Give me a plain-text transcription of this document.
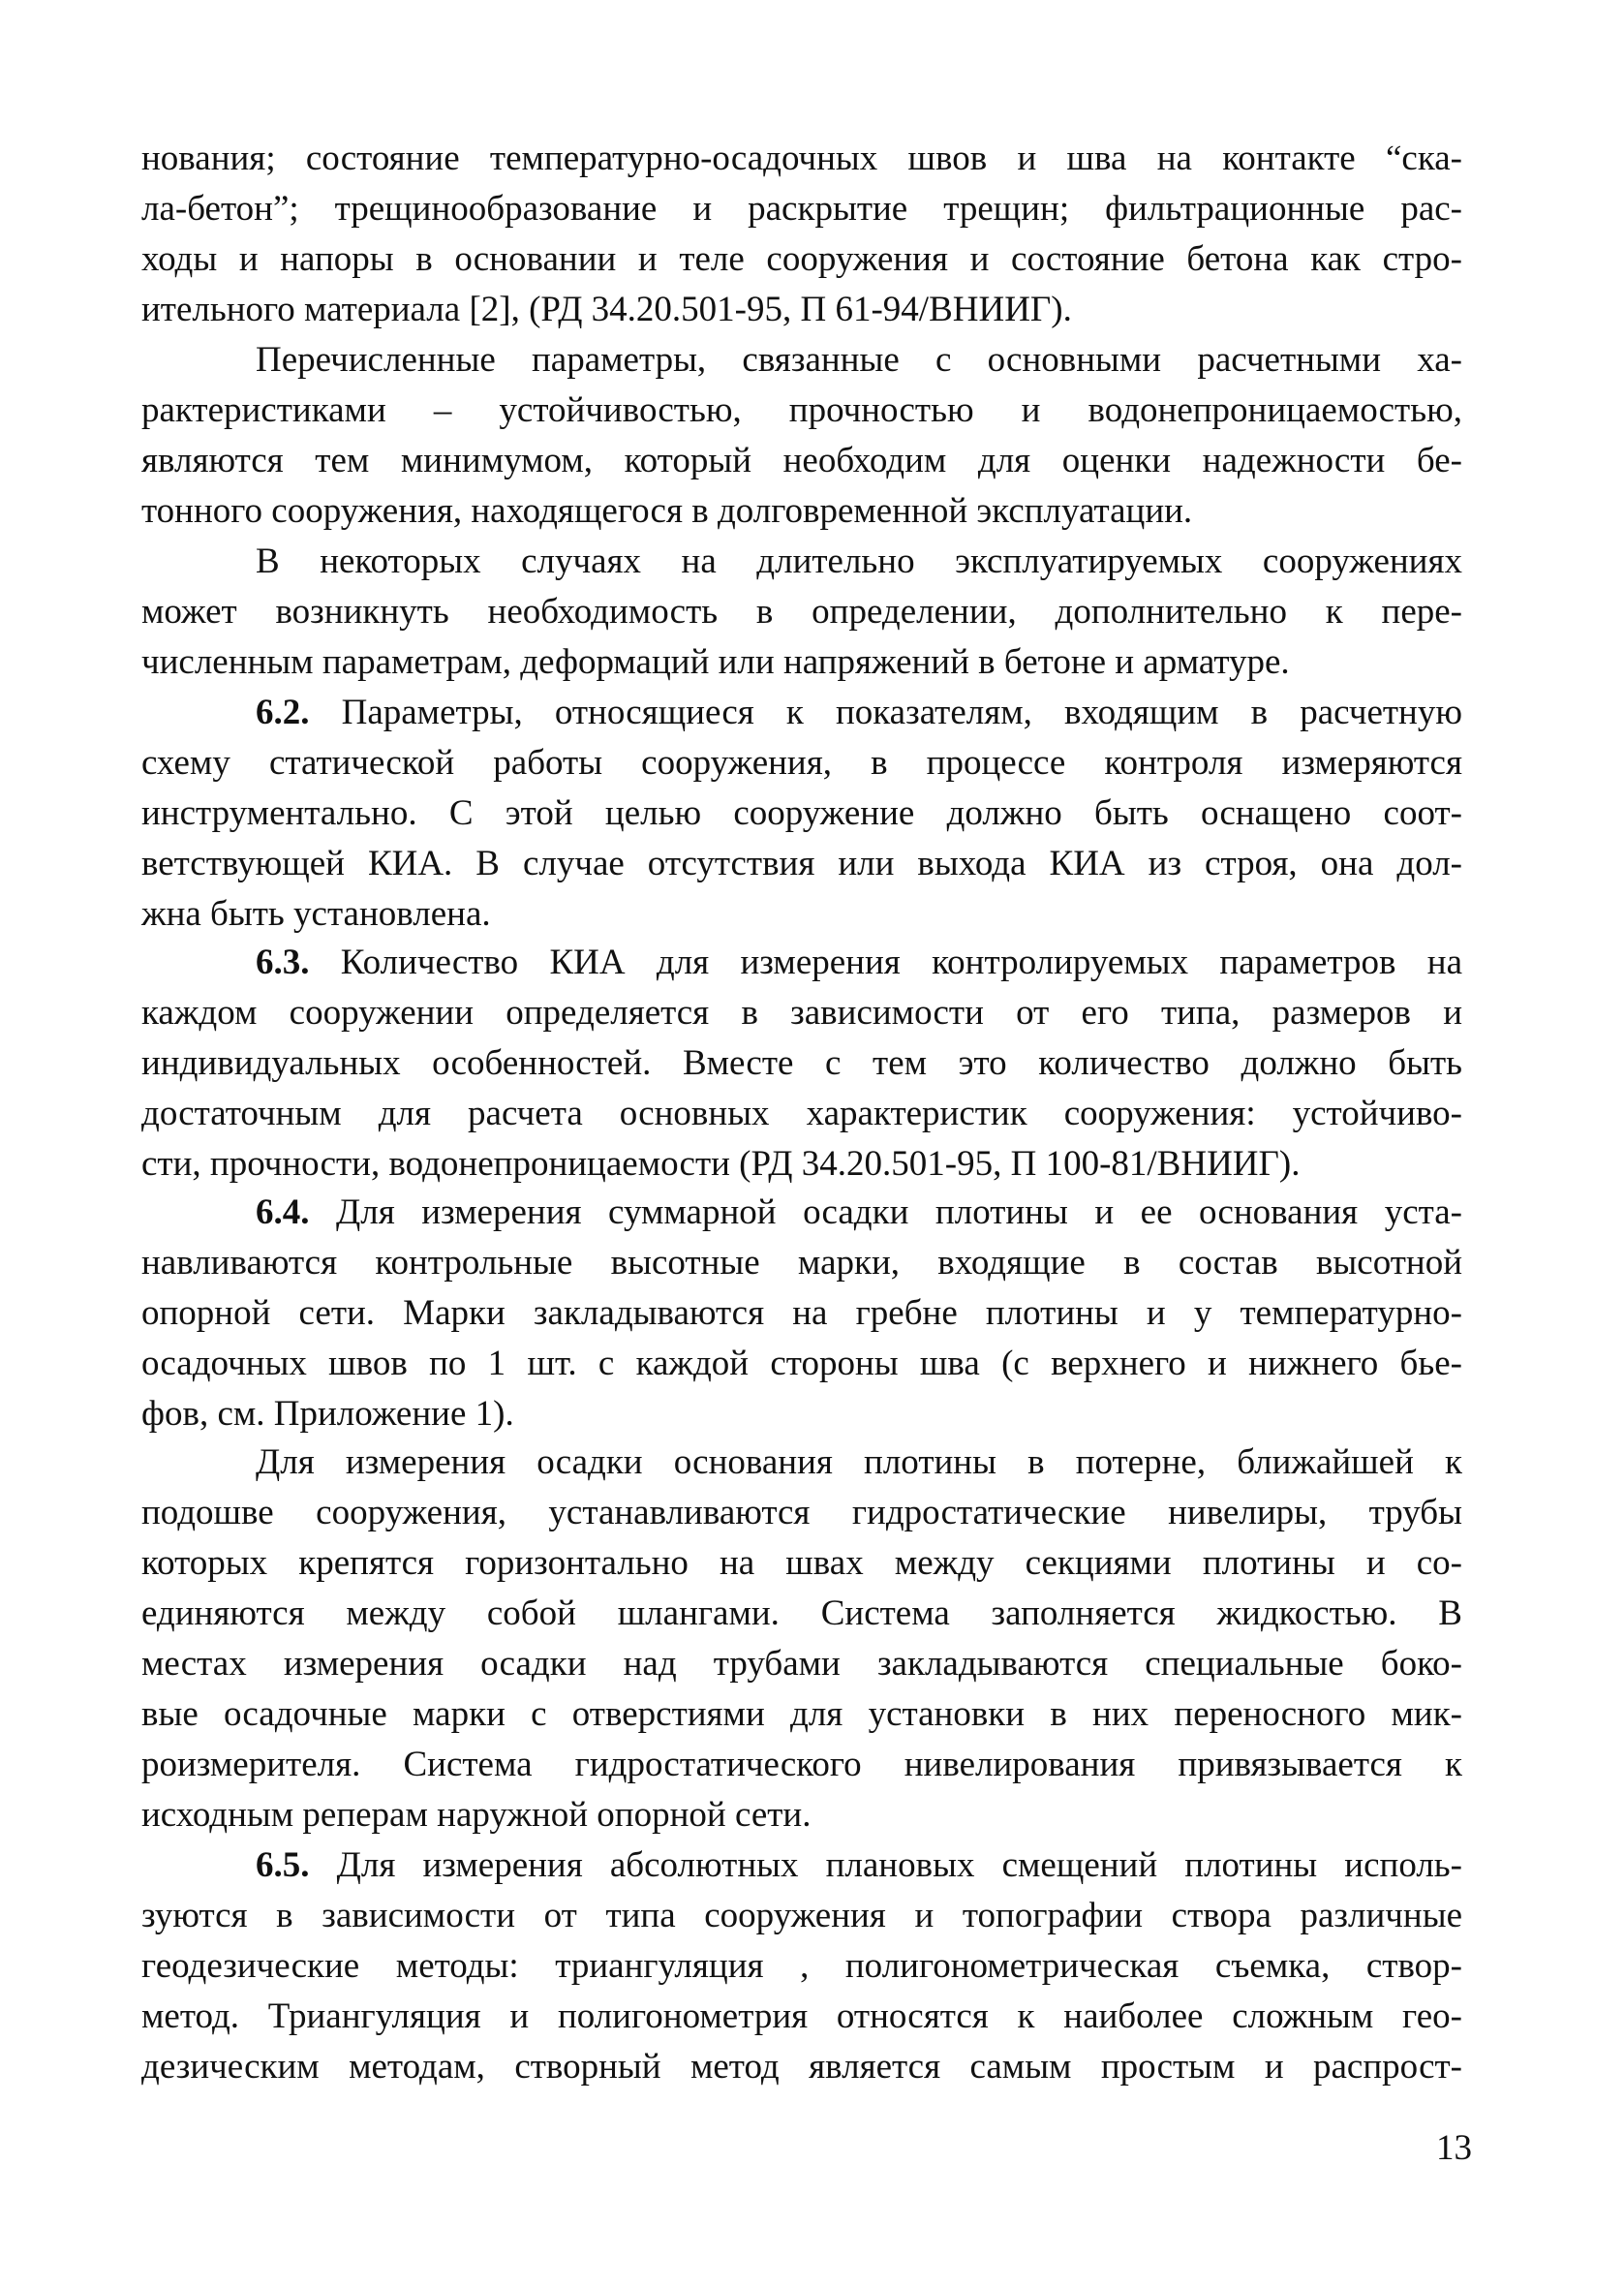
нования; состояние температурно-осадочных швов и шва на контакте “ска-
ла-бетон”; трещинообразование и раскрытие трещин; фильтрационные рас-
ходы и напоры в основании и теле сооружения и состояние бетона как стро-
ительного материала [2], (РД 34.20.501-95, П 61-94/ВНИИГ).
Перечисленные параметры, связанные с основными расчетными ха-
рактеристиками – устойчивостью, прочностью и водонепроницаемостью,
являются тем минимумом, который необходим для оценки надежности бе-
тонного сооружения, находящегося в долговременной эксплуатации.
В некоторых случаях на длительно эксплуатируемых сооружениях
может возникнуть необходимость в определении, дополнительно к пере-
численным параметрам, деформаций или напряжений в бетоне и арматуре.
6.2. Параметры, относящиеся к показателям, входящим в расчетную
схему статической работы сооружения, в процессе контроля измеряются
инструментально. С этой целью сооружение должно быть оснащено соот-
ветствующей КИА. В случае отсутствия или выхода КИА из строя, она дол-
жна быть установлена.
6.3. Количество КИА для измерения контролируемых параметров на
каждом сооружении определяется в зависимости от его типа, размеров и
индивидуальных особенностей. Вместе с тем это количество должно быть
достаточным для расчета основных характеристик сооружения: устойчиво-
сти, прочности, водонепроницаемости (РД 34.20.501-95, П 100-81/ВНИИГ).
6.4. Для измерения суммарной осадки плотины и ее основания уста-
навливаются контрольные высотные марки, входящие в состав высотной
опорной сети. Марки закладываются на гребне плотины и у температурно-
осадочных швов по 1 шт. с каждой стороны шва (с верхнего и нижнего бье-
фов, см. Приложение 1).
Для измерения осадки основания плотины в потерне, ближайшей к
подошве сооружения, устанавливаются гидростатические нивелиры, трубы
которых крепятся горизонтально на швах между секциями плотины и со-
единяются между собой шлангами. Система заполняется жидкостью. В
местах измерения осадки над трубами закладываются специальные боко-
вые осадочные марки с отверстиями для установки в них переносного мик-
роизмерителя. Система гидростатического нивелирования привязывается к
исходным реперам наружной опорной сети.
6.5. Для измерения абсолютных плановых смещений плотины исполь-
зуются в зависимости от типа сооружения и топографии створа различные
геодезические методы: триангуляция , полигонометрическая съемка, створ-
метод. Триангуляция и полигонометрия относятся к наиболее сложным гео-
дезическим методам, створный метод является самым простым и распрост-
13
